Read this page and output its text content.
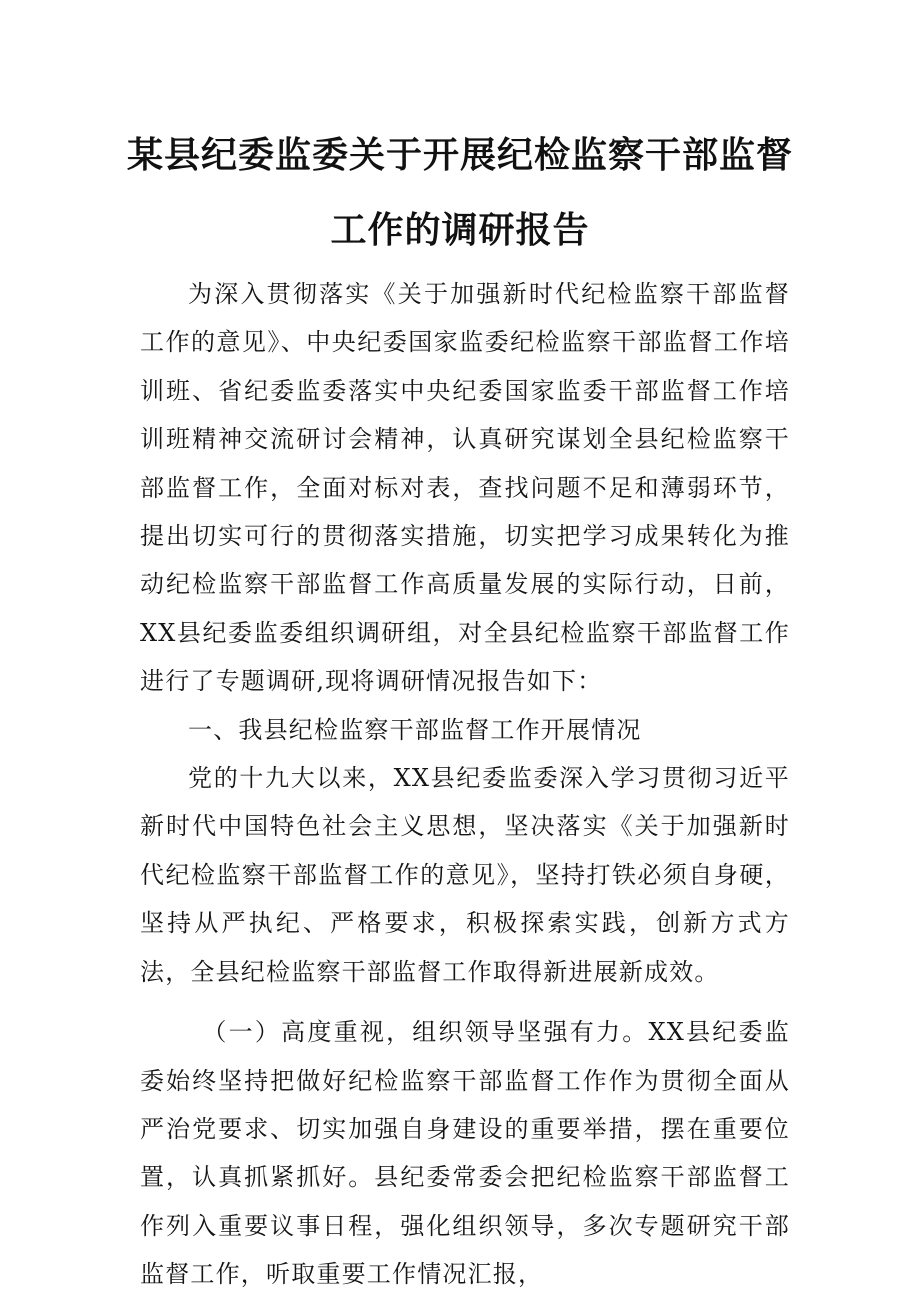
某县纪委监委关于开展纪检监察干部监督
工作的调研报告

为深入贯彻落实《关于加强新时代纪检监察干部监督工作的意见》、中央纪委国家监委纪检监察干部监督工作培训班、省纪委监委落实中央纪委国家监委干部监督工作培训班精神交流研讨会精神，认真研究谋划全县纪检监察干部监督工作，全面对标对表，查找问题不足和薄弱环节，提出切实可行的贯彻落实措施，切实把学习成果转化为推动纪检监察干部监督工作高质量发展的实际行动，日前，XX县纪委监委组织调研组，对全县纪检监察干部监督工作进行了专题调研,现将调研情况报告如下：

一、我县纪检监察干部监督工作开展情况

党的十九大以来，XX县纪委监委深入学习贯彻习近平新时代中国特色社会主义思想，坚决落实《关于加强新时代纪检监察干部监督工作的意见》，坚持打铁必须自身硬，坚持从严执纪、严格要求，积极探索实践，创新方式方法，全县纪检监察干部监督工作取得新进展新成效。

（一）高度重视，组织领导坚强有力。XX县纪委监委始终坚持把做好纪检监察干部监督工作作为贯彻全面从严治党要求、切实加强自身建设的重要举措，摆在重要位置，认真抓紧抓好。县纪委常委会把纪检监察干部监督工作列入重要议事日程，强化组织领导，多次专题研究干部监督工作，听取重要工作情况汇报，
